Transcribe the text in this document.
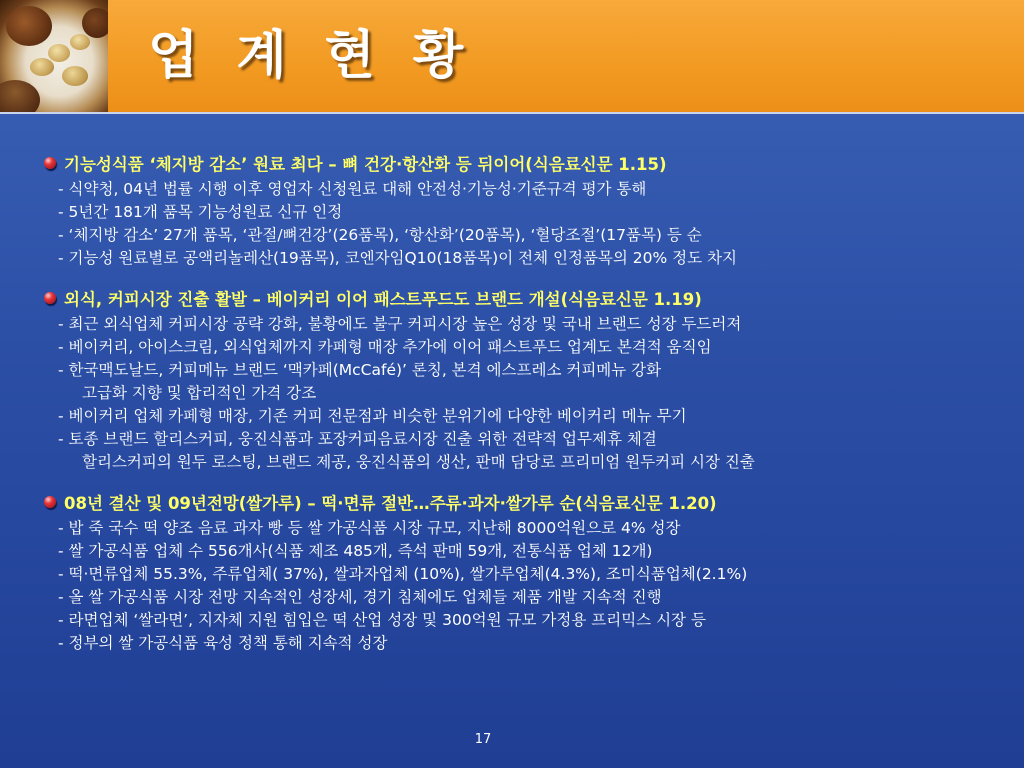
업 계 현 황
기능성식품 ‘체지방 감소’ 원료 최다 – 뼈 건강·항산화 등 뒤이어(식음료신문 1.15)
- 식약청, 04년 법률 시행 이후 영업자 신청원료 대해 안전성·기능성·기준규격 평가 통해
- 5년간 181개 품목 기능성원료 신규 인정
- ‘체지방 감소’ 27개 품목, ‘관절/뼈건강’(26품목), ‘항산화’(20품목), ‘혈당조절’(17품목) 등 순
- 기능성 원료별로 공액리놀레산(19품목), 코엔자임Q10(18품목)이 전체 인정품목의 20% 정도 차지
외식, 커피시장 진출 활발 – 베이커리 이어 패스트푸드도 브랜드 개설(식음료신문 1.19)
- 최근 외식업체 커피시장 공략 강화, 불황에도 불구 커피시장 높은 성장 및 국내 브랜드 성장 두드러져
- 베이커리, 아이스크림, 외식업체까지 카페형 매장 추가에 이어 패스트푸드 업계도 본격적 움직임
- 한국맥도날드, 커피메뉴 브랜드 ‘맥카페(McCafé)’ 론칭, 본격 에스프레소 커피메뉴 강화
고급화 지향 및 합리적인 가격 강조
- 베이커리 업체 카페형 매장, 기존 커피 전문점과 비슷한 분위기에 다양한 베이커리 메뉴 무기
- 토종 브랜드 할리스커피, 웅진식품과 포장커피음료시장 진출 위한 전략적 업무제휴 체결
할리스커피의 원두 로스팅, 브랜드 제공, 웅진식품의 생산, 판매 담당로 프리미엄 원두커피 시장 진출
08년 결산 및 09년전망(쌀가루) – 떡·면류 절반…주류·과자·쌀가루 순(식음료신문 1.20)
- 밥 죽 국수 떡 양조 음료 과자 빵 등 쌀 가공식품 시장 규모, 지난해 8000억원으로 4% 성장
- 쌀 가공식품 업체 수 556개사(식품 제조 485개, 즉석 판매 59개, 전통식품 업체 12개)
- 떡·면류업체 55.3%, 주류업체( 37%), 쌀과자업체 (10%), 쌀가루업체(4.3%), 조미식품업체(2.1%)
- 올 쌀 가공식품 시장 전망 지속적인 성장세, 경기 침체에도 업체들 제품 개발 지속적 진행
- 라면업체 ‘쌀라면’, 지자체 지원 힘입은 떡 산업 성장 및 300억원 규모 가정용 프리믹스 시장 등
- 정부의 쌀 가공식품 육성 정책 통해 지속적 성장
17
